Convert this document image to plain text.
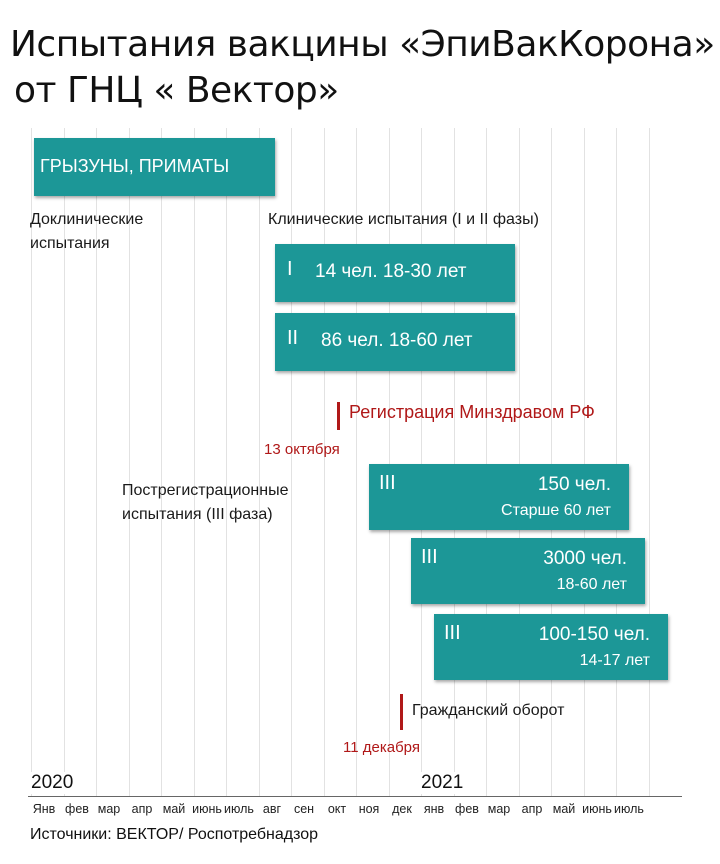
Испытания вакцины «ЭпиВакКорона»
от ГНЦ « Вектор»
ГРЫЗУНЫ, ПРИМАТЫ
I 14 чел. 18-30 лет
II 86 чел. 18-60 лет
III	150 чел.
Старше 60 лет
III	3000 чел.
18-60 лет
III	100-150 чел.
14-17 лет
Доклинические
испытания
Клинические испытания (I и II фазы)
Пострегистрационные
испытания (III фаза)
Регистрация Минздравом РФ
13 октября
Гражданский оборот
11 декабря
2020	2021
Янв фев мар апр май июнь июль авг сен окт ноя дек янв фев мар апр май июнь июль
Источники: ВЕКТОР/ Роспотребнадзор
